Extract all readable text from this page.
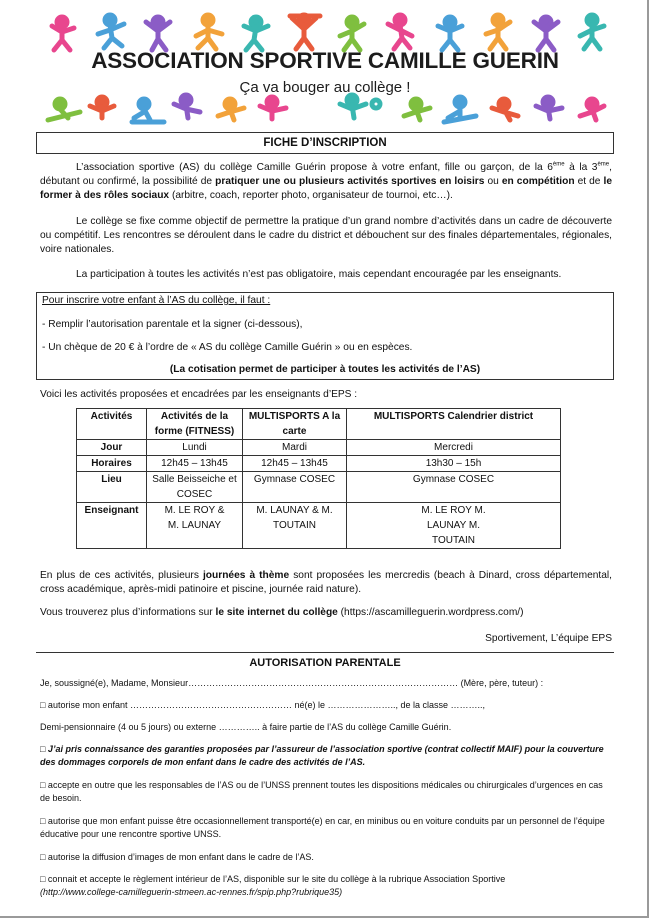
ASSOCIATION SPORTIVE CAMILLE GUERIN
Ça va bouger au collège !
FICHE D’INSCRIPTION
L’association sportive (AS) du collège Camille Guérin propose à votre enfant, fille ou garçon, de la 6ème à la 3ème, débutant ou confirmé, la possibilité de pratiquer une ou plusieurs activités sportives en loisirs ou en compétition et de le former à des rôles sociaux (arbitre, coach, reporter photo, organisateur de tournoi, etc…).
Le collège se fixe comme objectif de permettre la pratique d’un grand nombre d’activités dans un cadre de découverte ou compétitif. Les rencontres se déroulent dans le cadre du district et débouchent sur des finales départementales, régionales, voire nationales.
La participation à toutes les activités n’est pas obligatoire, mais cependant encouragée par les enseignants.
Pour inscrire votre enfant à l’AS du collège, il faut :
- Remplir l’autorisation parentale et la signer (ci-dessous),
- Un chèque de 20 € à l’ordre de « AS du collège Camille Guérin » ou en espèces.
(La cotisation permet de participer à toutes les activités de l’AS)
Voici les activités proposées et encadrées par les enseignants d’EPS :
Activités	Activités de la forme (FITNESS)	MULTISPORTS A la carte	MULTISPORTS Calendrier district
Jour	Lundi	Mardi	Mercredi
Horaires	12h45 – 13h45	12h45 – 13h45	13h30 – 15h
Lieu	Salle Beisseiche et COSEC	Gymnase COSEC	Gymnase COSEC
Enseignant	M. LE ROY & M. LAUNAY	M. LAUNAY & M. TOUTAIN	M. LE ROY M. LAUNAY M. TOUTAIN
En plus de ces activités, plusieurs journées à thème sont proposées les mercredis (beach à Dinard, cross départemental, cross académique, après-midi patinoire et piscine, journée raid nature).
Vous trouverez plus d’informations sur le site internet du collège (https://ascamilleguerin.wordpress.com/)
Sportivement, L’équipe EPS
AUTORISATION PARENTALE
Je, soussigné(e), Madame, Monsieur……………………………………………………………………………… (Mère, père, tuteur) :
□ autorise mon enfant ……………………………………………… né(e) le ………………….., de la classe ………..,
Demi-pensionnaire (4 ou 5 jours) ou externe ………….. à faire partie de l’AS du collège Camille Guérin.
□ J’ai pris connaissance des garanties proposées par l’assureur de l’association sportive (contrat collectif MAIF) pour la couverture des dommages corporels de mon enfant dans le cadre des activités de l’AS.
□ accepte en outre que les responsables de l’AS ou de l’UNSS prennent toutes les dispositions médicales ou chirurgicales d’urgences en cas de besoin.
□ autorise que mon enfant puisse être occasionnellement transporté(e) en car, en minibus ou en voiture conduits par un personnel de l’équipe éducative pour une rencontre sportive UNSS.
□ autorise la diffusion d’images de mon enfant dans le cadre de l’AS.
□ connait et accepte le règlement intérieur de l’AS, disponible sur le site du collège à la rubrique Association Sportive
(http://www.college-camilleguerin-stmeen.ac-rennes.fr/spip.php?rubrique35)
